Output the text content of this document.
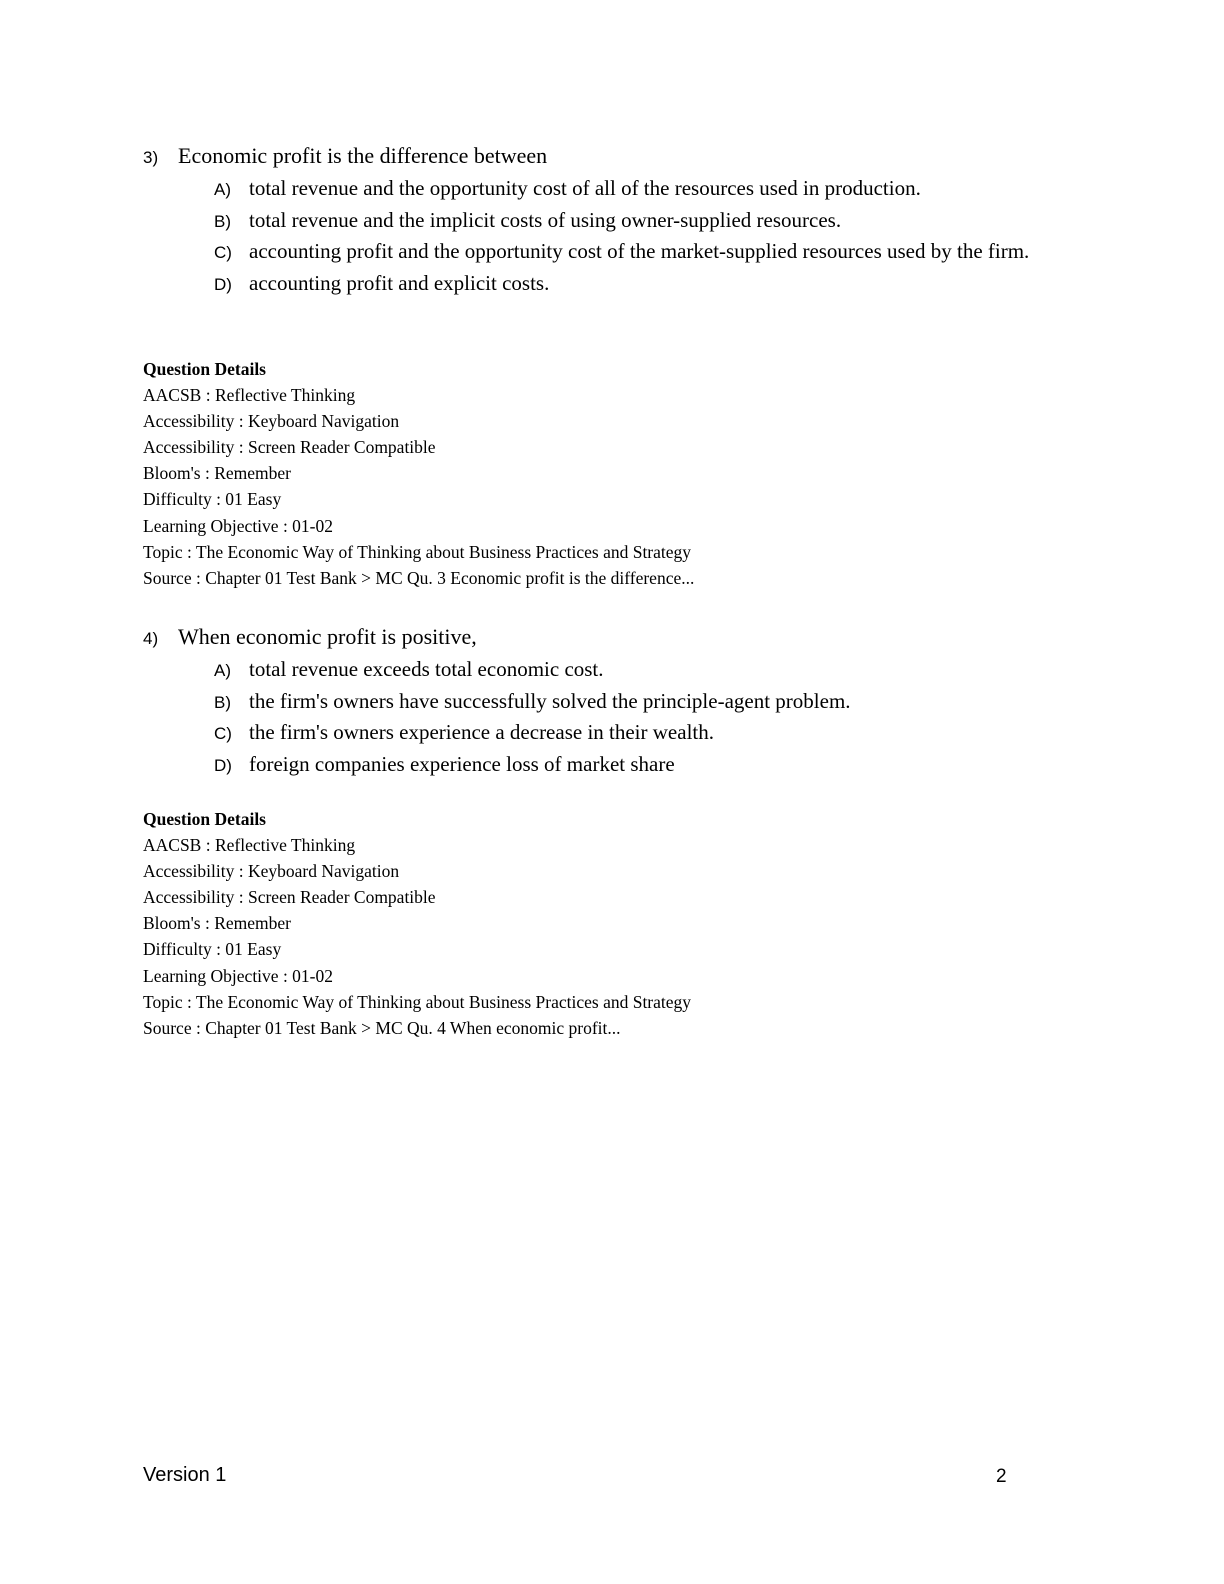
3) Economic profit is the difference between
A) total revenue and the opportunity cost of all of the resources used in production.
B) total revenue and the implicit costs of using owner-supplied resources.
C) accounting profit and the opportunity cost of the market-supplied resources used by the firm.
D) accounting profit and explicit costs.
Question Details
AACSB : Reflective Thinking
Accessibility : Keyboard Navigation
Accessibility : Screen Reader Compatible
Bloom's : Remember
Difficulty : 01 Easy
Learning Objective : 01-02
Topic : The Economic Way of Thinking about Business Practices and Strategy
Source : Chapter 01 Test Bank > MC Qu. 3 Economic profit is the difference...
4) When economic profit is positive,
A) total revenue exceeds total economic cost.
B) the firm's owners have successfully solved the principle-agent problem.
C) the firm's owners experience a decrease in their wealth.
D) foreign companies experience loss of market share
Question Details
AACSB : Reflective Thinking
Accessibility : Keyboard Navigation
Accessibility : Screen Reader Compatible
Bloom's : Remember
Difficulty : 01 Easy
Learning Objective : 01-02
Topic : The Economic Way of Thinking about Business Practices and Strategy
Source : Chapter 01 Test Bank > MC Qu. 4 When economic profit...
Version 1	2
